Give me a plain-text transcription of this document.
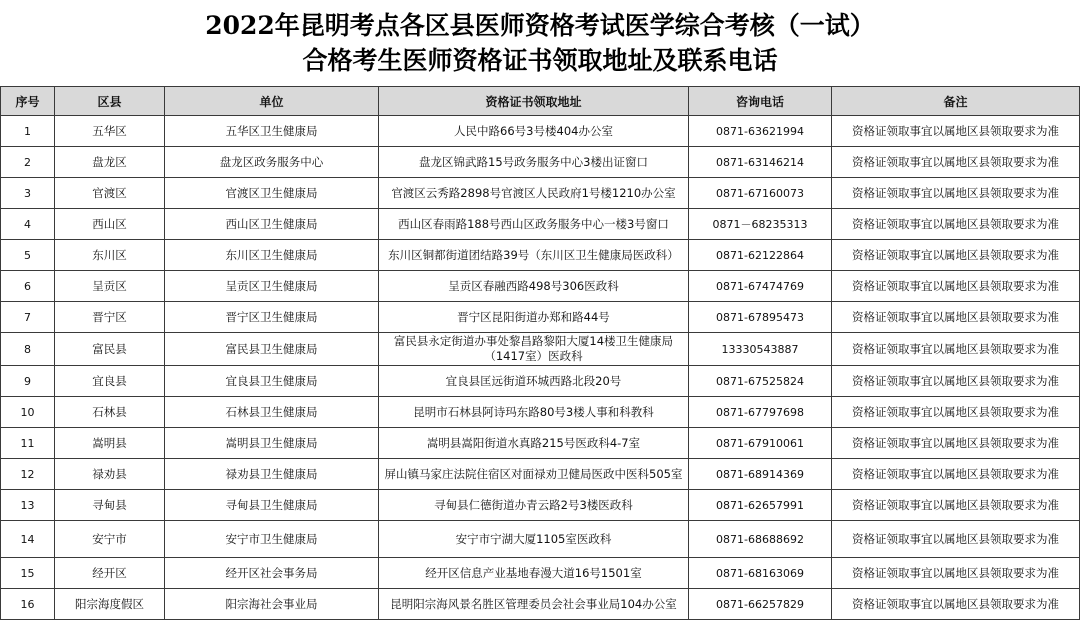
2022年昆明考点各区县医师资格考试医学综合考核（一试）
合格考生医师资格证书领取地址及联系电话
序号	区县	单位	资格证书领取地址	咨询电话	备注
1	五华区	五华区卫生健康局	人民中路66号3号楼404办公室	0871-63621994	资格证领取事宜以属地区县领取要求为准
2	盘龙区	盘龙区政务服务中心	盘龙区锦武路15号政务服务中心3楼出证窗口	0871-63146214	资格证领取事宜以属地区县领取要求为准
3	官渡区	官渡区卫生健康局	官渡区云秀路2898号官渡区人民政府1号楼1210办公室	0871-67160073	资格证领取事宜以属地区县领取要求为准
4	西山区	西山区卫生健康局	西山区春雨路188号西山区政务服务中心一楼3号窗口	0871－68235313	资格证领取事宜以属地区县领取要求为准
5	东川区	东川区卫生健康局	东川区铜都街道团结路39号（东川区卫生健康局医政科）	0871-62122864	资格证领取事宜以属地区县领取要求为准
6	呈贡区	呈贡区卫生健康局	呈贡区春融西路498号306医政科	0871-67474769	资格证领取事宜以属地区县领取要求为准
7	晋宁区	晋宁区卫生健康局	晋宁区昆阳街道办郑和路44号	0871-67895473	资格证领取事宜以属地区县领取要求为准
8	富民县	富民县卫生健康局	富民县永定街道办事处黎昌路黎阳大厦14楼卫生健康局（1417室）医政科	13330543887	资格证领取事宜以属地区县领取要求为准
9	宜良县	宜良县卫生健康局	宜良县匡远街道环城西路北段20号	0871-67525824	资格证领取事宜以属地区县领取要求为准
10	石林县	石林县卫生健康局	昆明市石林县阿诗玛东路80号3楼人事和科教科	0871-67797698	资格证领取事宜以属地区县领取要求为准
11	嵩明县	嵩明县卫生健康局	嵩明县嵩阳街道水真路215号医政科4-7室	0871-67910061	资格证领取事宜以属地区县领取要求为准
12	禄劝县	禄劝县卫生健康局	屏山镇马家庄法院住宿区对面禄劝卫健局医政中医科505室	0871-68914369	资格证领取事宜以属地区县领取要求为准
13	寻甸县	寻甸县卫生健康局	寻甸县仁德街道办青云路2号3楼医政科	0871-62657991	资格证领取事宜以属地区县领取要求为准
14	安宁市	安宁市卫生健康局	安宁市宁湖大厦1105室医政科	0871-68688692	资格证领取事宜以属地区县领取要求为准
15	经开区	经开区社会事务局	经开区信息产业基地春漫大道16号1501室	0871-68163069	资格证领取事宜以属地区县领取要求为准
16	阳宗海度假区	阳宗海社会事业局	昆明阳宗海风景名胜区管理委员会社会事业局104办公室	0871-66257829	资格证领取事宜以属地区县领取要求为准
